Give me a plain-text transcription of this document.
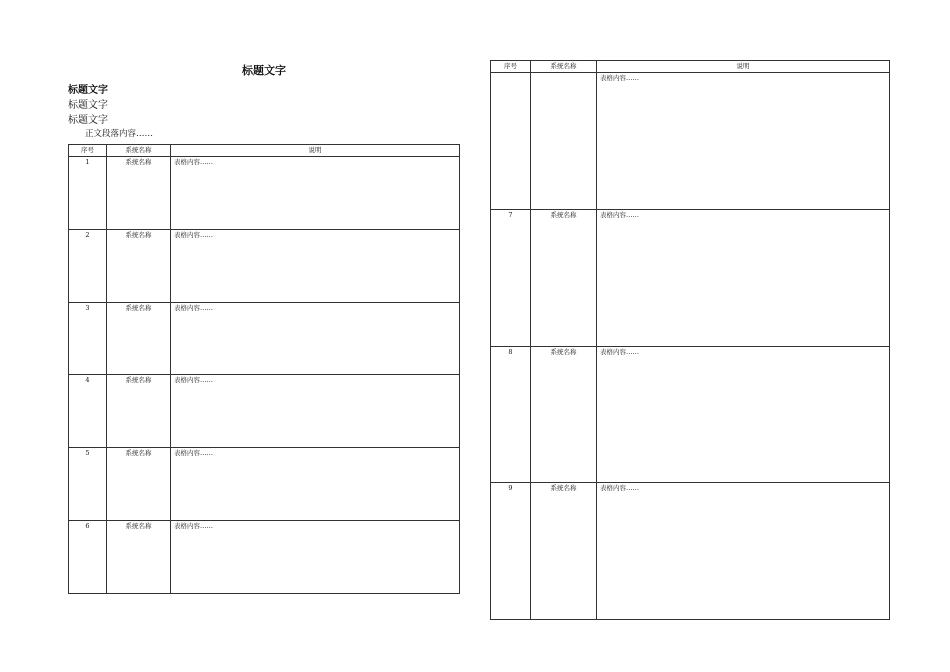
标题文字
标题文字
标题文字
标题文字

正文段落内容……

序号	系统名称	说明
1	系统名称	表格内容……
2	系统名称	表格内容……
3	系统名称	表格内容……
4	系统名称	表格内容……
5	系统名称	表格内容……
6	系统名称	表格内容……
序号	系统名称	说明
		表格内容……
7	系统名称	表格内容……
8	系统名称	表格内容……
9	系统名称	表格内容……
